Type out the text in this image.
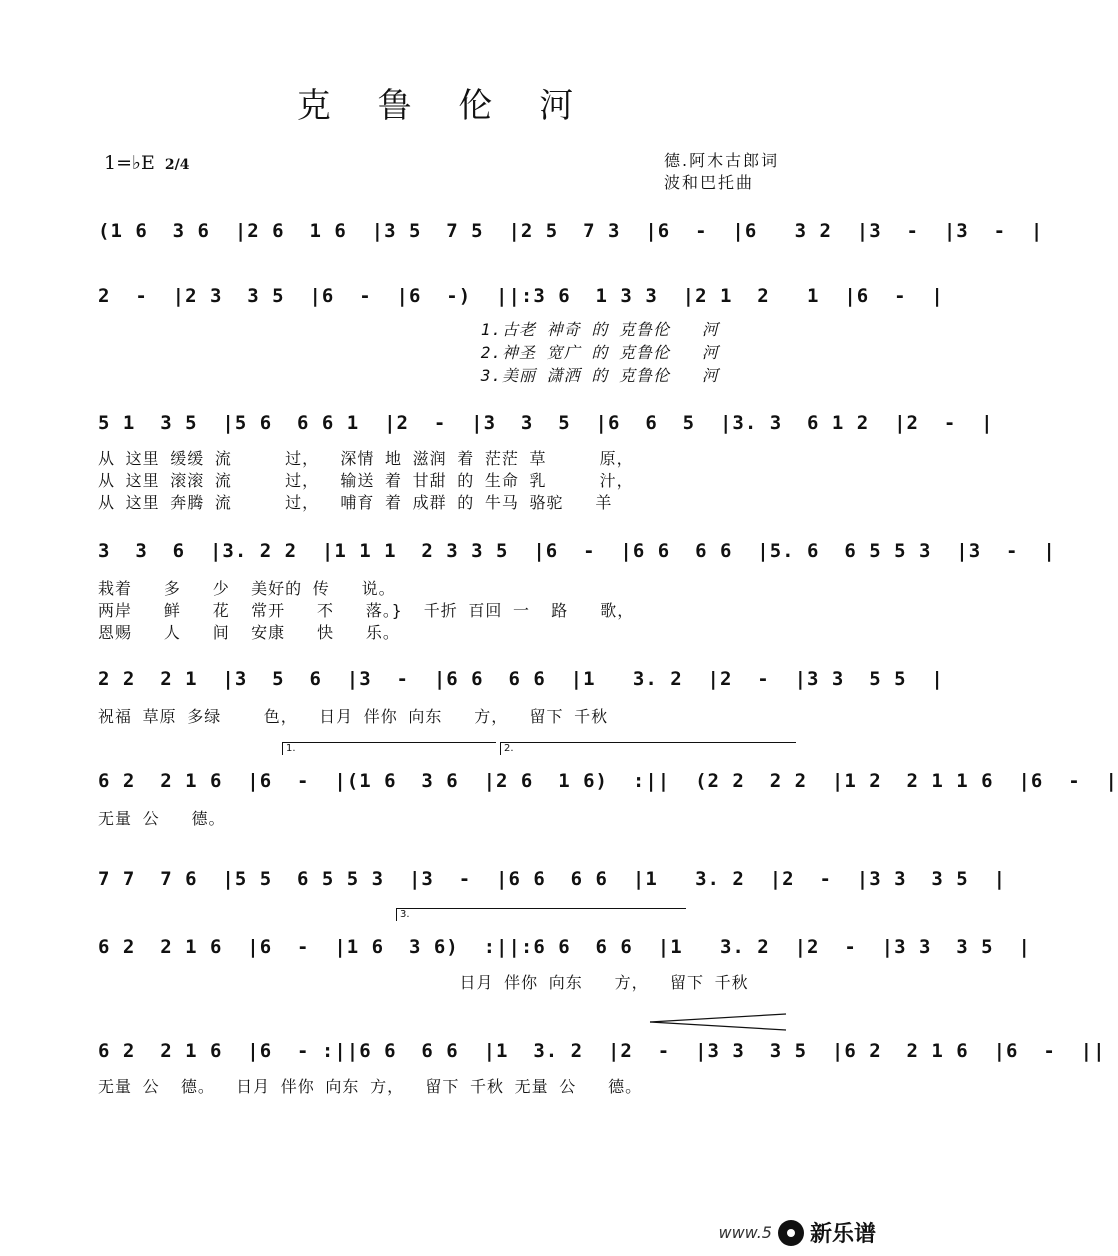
克 鲁 伦 河
1=♭E 2/4	德.阿木古郎词
波和巴托曲
(1 6  3 6  |2 6  1 6  |3 5  7 5  |2 5  7 3  |6  -  |6   3 2  |3  -  |3  -  |
2  -  |2 3  3 5  |6  -  |6  -)  ||:3 6  1 3 3  |2 1  2   1  |6  -  |
1.古老 神奇 的 克鲁伦   河
2.神圣 宽广 的 克鲁伦   河
3.美丽 潇洒 的 克鲁伦   河
5 1  3 5  |5 6  6 6 1  |2  -  |3  3  5  |6  6  5  |3. 3  6 1 2  |2  -  |
从 这里 缓缓 流     过，  深情 地 滋润 着 茫茫 草     原，
从 这里 滚滚 流     过，  输送 着 甘甜 的 生命 乳     汁，
从 这里 奔腾 流     过，  哺育 着 成群 的 牛马 骆驼   羊
3  3  6  |3. 2 2  |1 1 1  2 3 3 5  |6  -  |6 6  6 6  |5. 6  6 5 5 3  |3  -  |
栽着   多   少  美好的 传   说。
两岸   鲜   花  常开   不   落。}  千折 百回 一  路   歌，
恩赐   人   间  安康   快   乐。
2 2  2 1  |3  5  6  |3  -  |6 6  6 6  |1   3. 2  |2  -  |3 3  5 5  |
祝福 草原 多绿    色，  日月 伴你 向东   方，  留下 千秋
1.	2.
6 2  2 1 6  |6  -  |(1 6  3 6  |2 6  1 6)  :||  (2 2  2 2  |1 2  2 1 1 6  |6  -  |
无量 公   德。
7 7  7 6  |5 5  6 5 5 3  |3  -  |6 6  6 6  |1   3. 2  |2  -  |3 3  3 5  |
3.
6 2  2 1 6  |6  -  |1 6  3 6)  :||:6 6  6 6  |1   3. 2  |2  -  |3 3  3 5  |
日月 伴你 向东   方，  留下 千秋
6 2  2 1 6  |6  - :||6 6  6 6  |1  3. 2  |2  -  |3 3  3 5  |6 2  2 1 6  |6  -  ||
无量 公  德。  日月 伴你 向东 方，  留下 千秋 无量 公   德。
www.5 新乐谱
